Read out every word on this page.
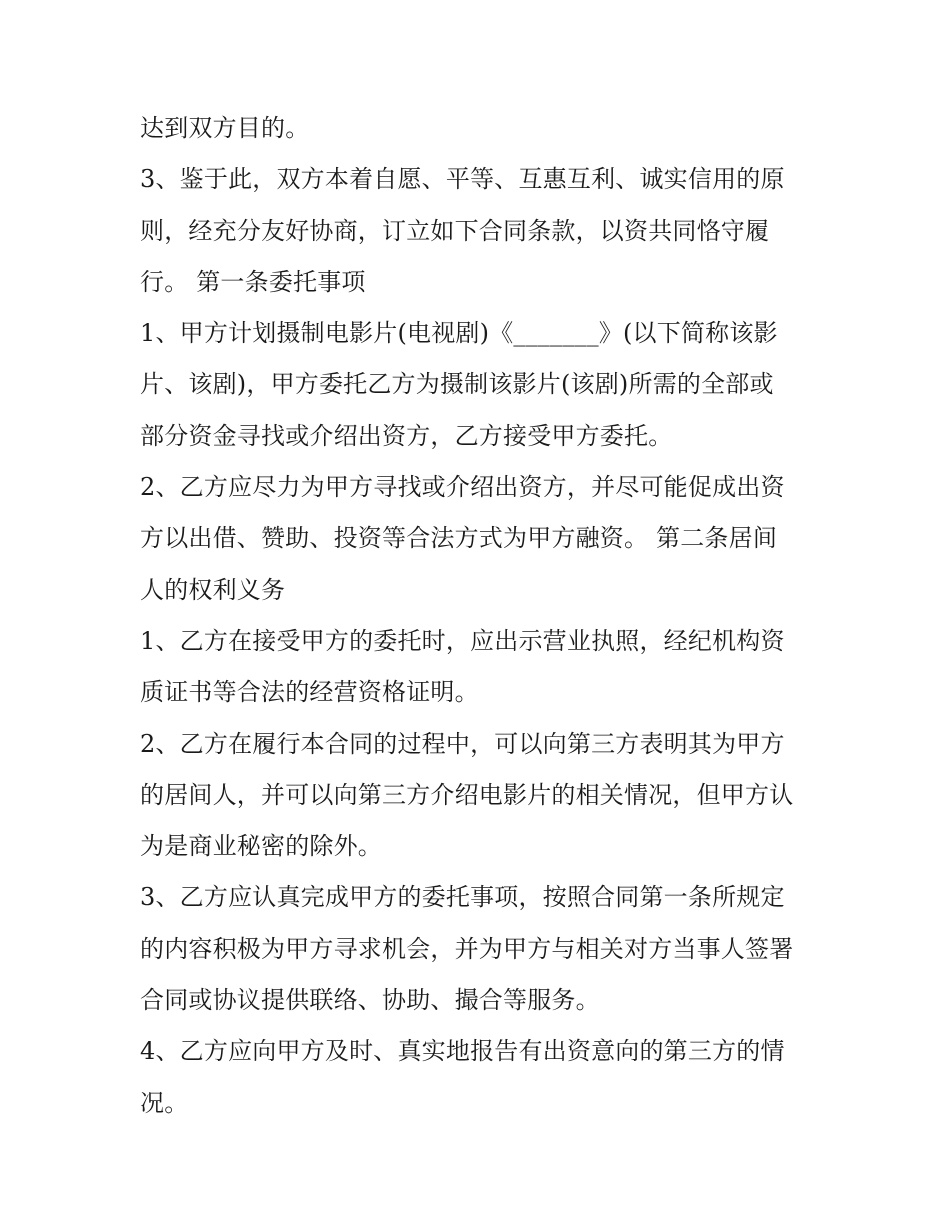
达到双方目的。
3、鉴于此，双方本着自愿、平等、互惠互利、诚实信用的原
则，经充分友好协商，订立如下合同条款，以资共同恪守履
行。 第一条委托事项
1、甲方计划摄制电影片(电视剧)《_______》(以下简称该影
片、该剧)，甲方委托乙方为摄制该影片(该剧)所需的全部或
部分资金寻找或介绍出资方，乙方接受甲方委托。
2、乙方应尽力为甲方寻找或介绍出资方，并尽可能促成出资
方以出借、赞助、投资等合法方式为甲方融资。 第二条居间
人的权利义务
1、乙方在接受甲方的委托时，应出示营业执照，经纪机构资
质证书等合法的经营资格证明。
2、乙方在履行本合同的过程中，可以向第三方表明其为甲方
的居间人，并可以向第三方介绍电影片的相关情况，但甲方认
为是商业秘密的除外。
3、乙方应认真完成甲方的委托事项，按照合同第一条所规定
的内容积极为甲方寻求机会，并为甲方与相关对方当事人签署
合同或协议提供联络、协助、撮合等服务。
4、乙方应向甲方及时、真实地报告有出资意向的第三方的情
况。
